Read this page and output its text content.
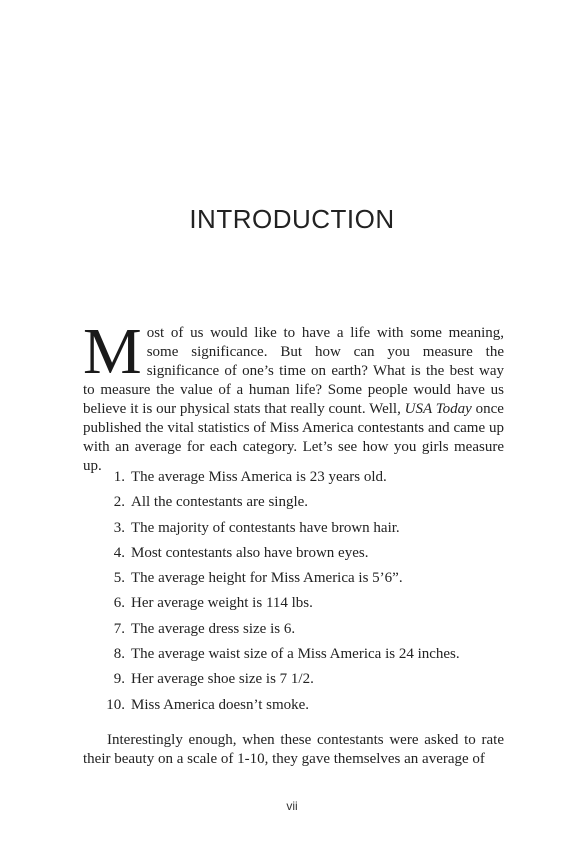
INTRODUCTION

Most of us would like to have a life with some meaning, some significance. But how can you measure the significance of one’s time on earth? What is the best way to measure the value of a human life? Some people would have us believe it is our physical stats that really count. Well, USA Today once published the vital statistics of Miss America contestants and came up with an average for each category. Let’s see how you girls measure up.

1. The average Miss America is 23 years old.
2. All the contestants are single.
3. The majority of contestants have brown hair.
4. Most contestants also have brown eyes.
5. The average height for Miss America is 5’6”.
6. Her average weight is 114 lbs.
7. The average dress size is 6.
8. The average waist size of a Miss America is 24 inches.
9. Her average shoe size is 7 1/2.
10. Miss America doesn’t smoke.

Interestingly enough, when these contestants were asked to rate their beauty on a scale of 1-10, they gave themselves an average of

vii
